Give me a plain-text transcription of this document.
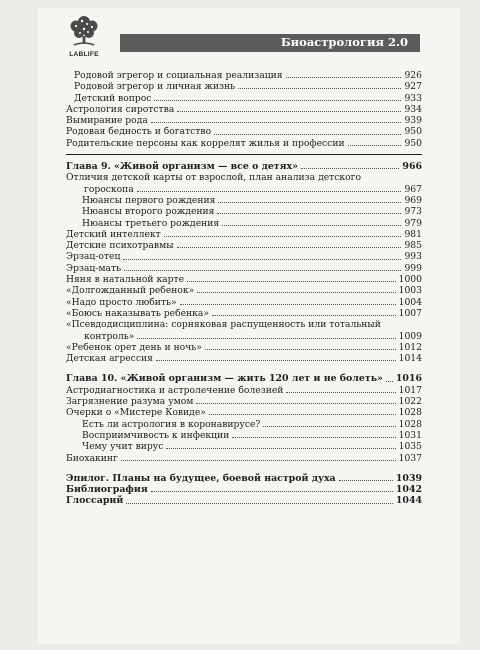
LABLIFE
Биоастрология 2.0
Родовой эгрегор и социальная реализация	926
Родовой эгрегор и личная жизнь	927
Детский вопрос	933
Астрология сиротства	934
Вымирание рода	939
Родовая бедность и богатство	950
Родительские персоны как коррелят жилья и профессии	950
Глава 9. «Живой организм — все о детях»	966
Отличия детской карты от взрослой, план анализа детского
гороскопа	967
Нюансы первого рождения	969
Нюансы второго рождения	973
Нюансы третьего рождения	979
Детский интеллект	981
Детские психотравмы	985
Эрзац-отец	993
Эрзац-мать	999
Няня в натальной карте	1000
«Долгожданный ребенок»	1003
«Надо просто любить»	1004
«Боюсь наказывать ребенка»	1007
«Псевдодисциплина: сорняковая распущенность или тотальный
контроль»	1009
«Ребенок орет день и ночь»	1012
Детская агрессия	1014
Глава 10. «Живой организм — жить 120 лет и не болеть» 1016
Астродиагностика и астролечение болезней	1017
Загрязнение разума умом	1022
Очерки о «Мистере Ковиде»	1028
Есть ли астрология в коронавирусе?	1028
Восприимчивость к инфекции	1031
Чему учит вирус	1035
Биохакинг	1037
Эпилог. Планы на будущее, боевой настрой духа	1039
Библиография	1042
Глоссарий	1044
